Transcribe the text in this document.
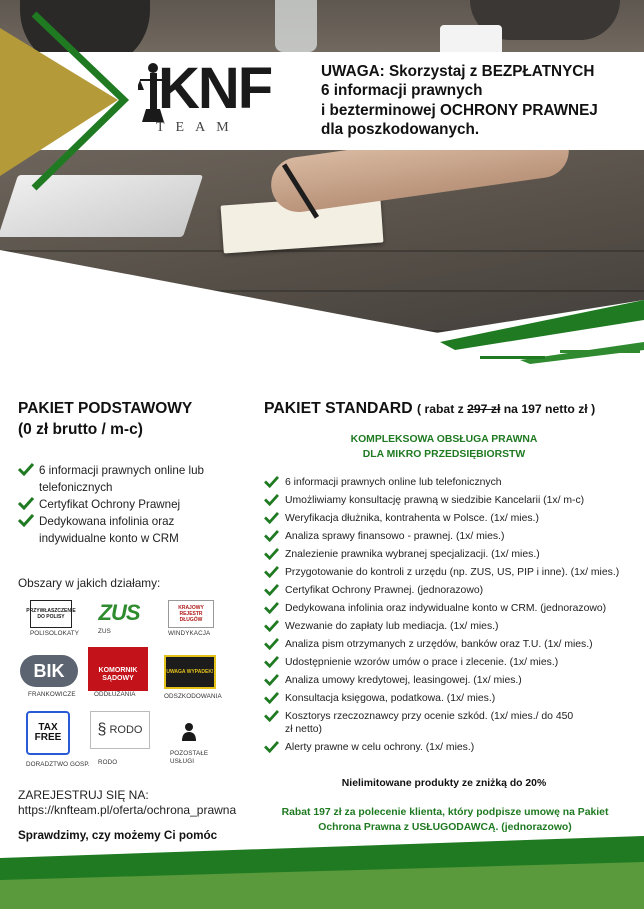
KNF
TEAM
UWAGA: Skorzystaj z BEZPŁATNYCH
6 informacji prawnych
i bezterminowej OCHRONY PRAWNEJ
dla poszkodowanych.
PAKIET PODSTAWOWY
(0 zł brutto / m-c)
6 informacji prawnych online lub telefonicznych
Certyfikat Ochrony Prawnej
Dedykowana infolinia oraz indywidualne konto w CRM
Obszary w jakich działamy:
PRZYWŁASZCZENIE DO POLISY
POLISOLOKATY
ZUS
ZUS
KRAJOWY REJESTR DŁUGÓW
WINDYKACJA
BIK
FRANKOWICZE
KOMORNIK SĄDOWY
ODDŁUŻANIA
UWAGA WYPADEK!
ODSZKODOWANIA
TAX FREE
DORADZTWO GOSP.
§ RODO
RODO
POZOSTAŁE USŁUGI
ZAREJESTRUJ SIĘ NA:
https://knfteam.pl/oferta/ochrona_prawna
Sprawdzimy, czy możemy Ci pomóc
PAKIET STANDARD ( rabat z 297 zł na 197 netto zł )
KOMPLEKSOWA OBSŁUGA PRAWNA
DLA MIKRO PRZEDSIĘBIORSTW
6 informacji prawnych online lub telefonicznych
Umożliwiamy konsultację prawną w siedzibie Kancelarii (1x/ m-c)
Weryfikacja dłużnika, kontrahenta w Polsce. (1x/ mies.)
Analiza sprawy finansowo - prawnej. (1x/ mies.)
Znalezienie prawnika wybranej specjalizacji. (1x/ mies.)
Przygotowanie do kontroli z urzędu (np. ZUS, US, PIP i inne). (1x/ mies.)
Certyfikat Ochrony Prawnej. (jednorazowo)
Dedykowana infolinia oraz indywidualne konto w CRM. (jednorazowo)
Wezwanie do zapłaty lub mediacja. (1x/ mies.)
Analiza pism otrzymanych z urzędów, banków oraz T.U. (1x/ mies.)
Udostępnienie wzorów umów o prace i zlecenie. (1x/ mies.)
Analiza umowy kredytowej, leasingowej. (1x/ mies.)
Konsultacja księgowa, podatkowa. (1x/ mies.)
Kosztorys rzeczoznawcy przy ocenie szkód. (1x/ mies./ do 450 zł netto)
Alerty prawne w celu ochrony. (1x/ mies.)
Nielimitowane produkty ze zniżką do 20%
Rabat 197 zł za polecenie klienta, który podpisze umowę na Pakiet Ochrona Prawna z USŁUGODAWCĄ. (jednorazowo)
